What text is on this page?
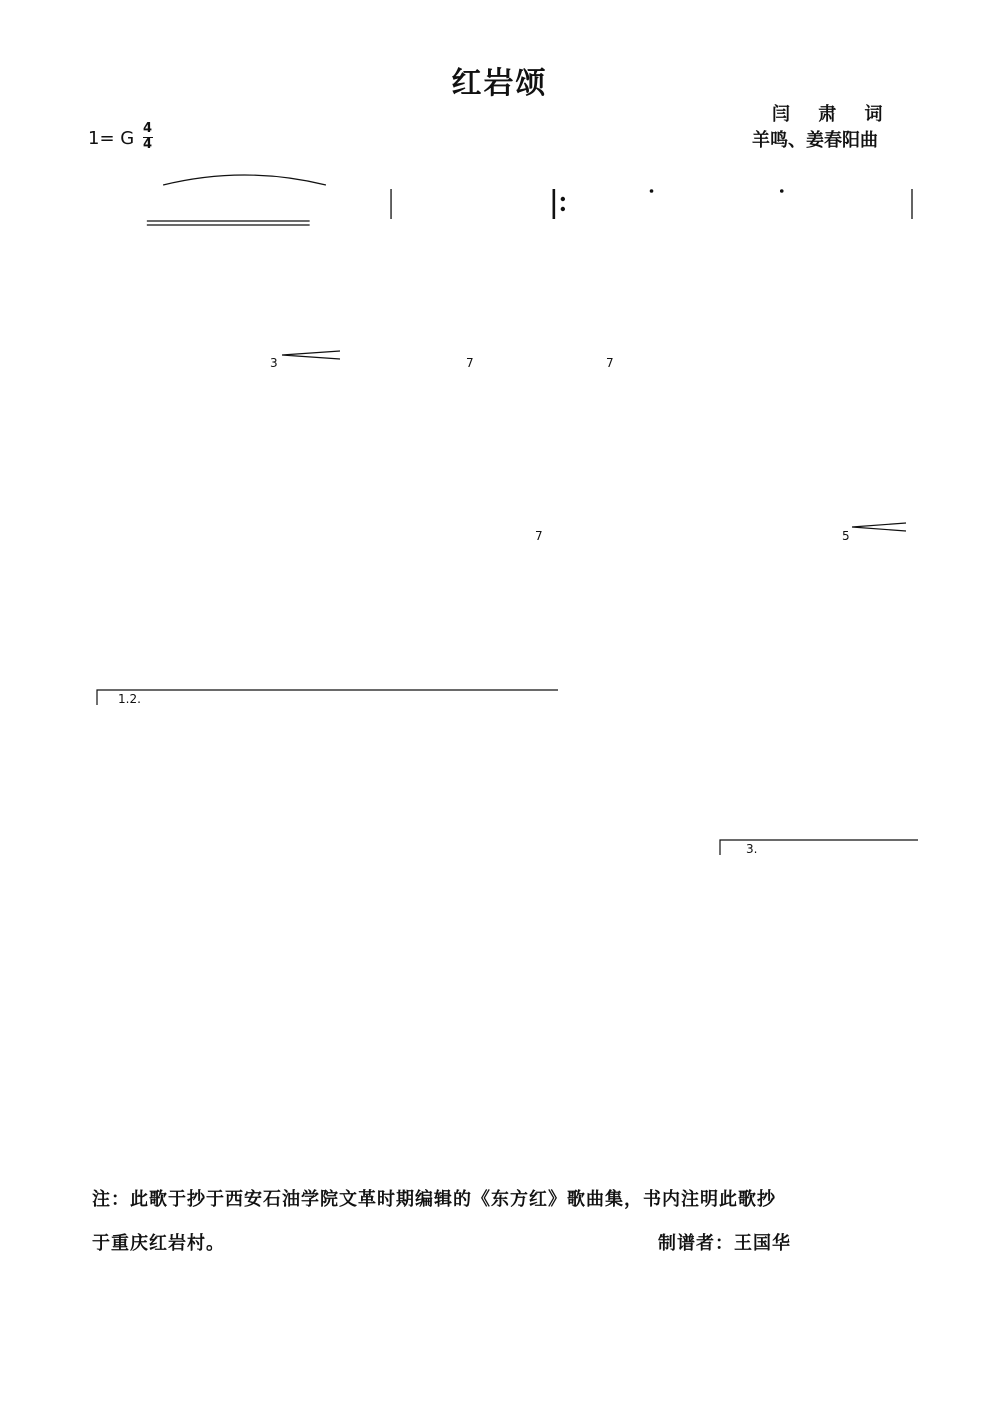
红岩颂
闫 肃 词
羊鸣、姜春阳曲
1= G 4
4
1.2.
3.
3	7	7
7	5
注：此歌于抄于西安石油学院文革时期编辑的《东方红》歌曲集，书内注明此歌抄
于重庆红岩村。	制谱者：王国华
